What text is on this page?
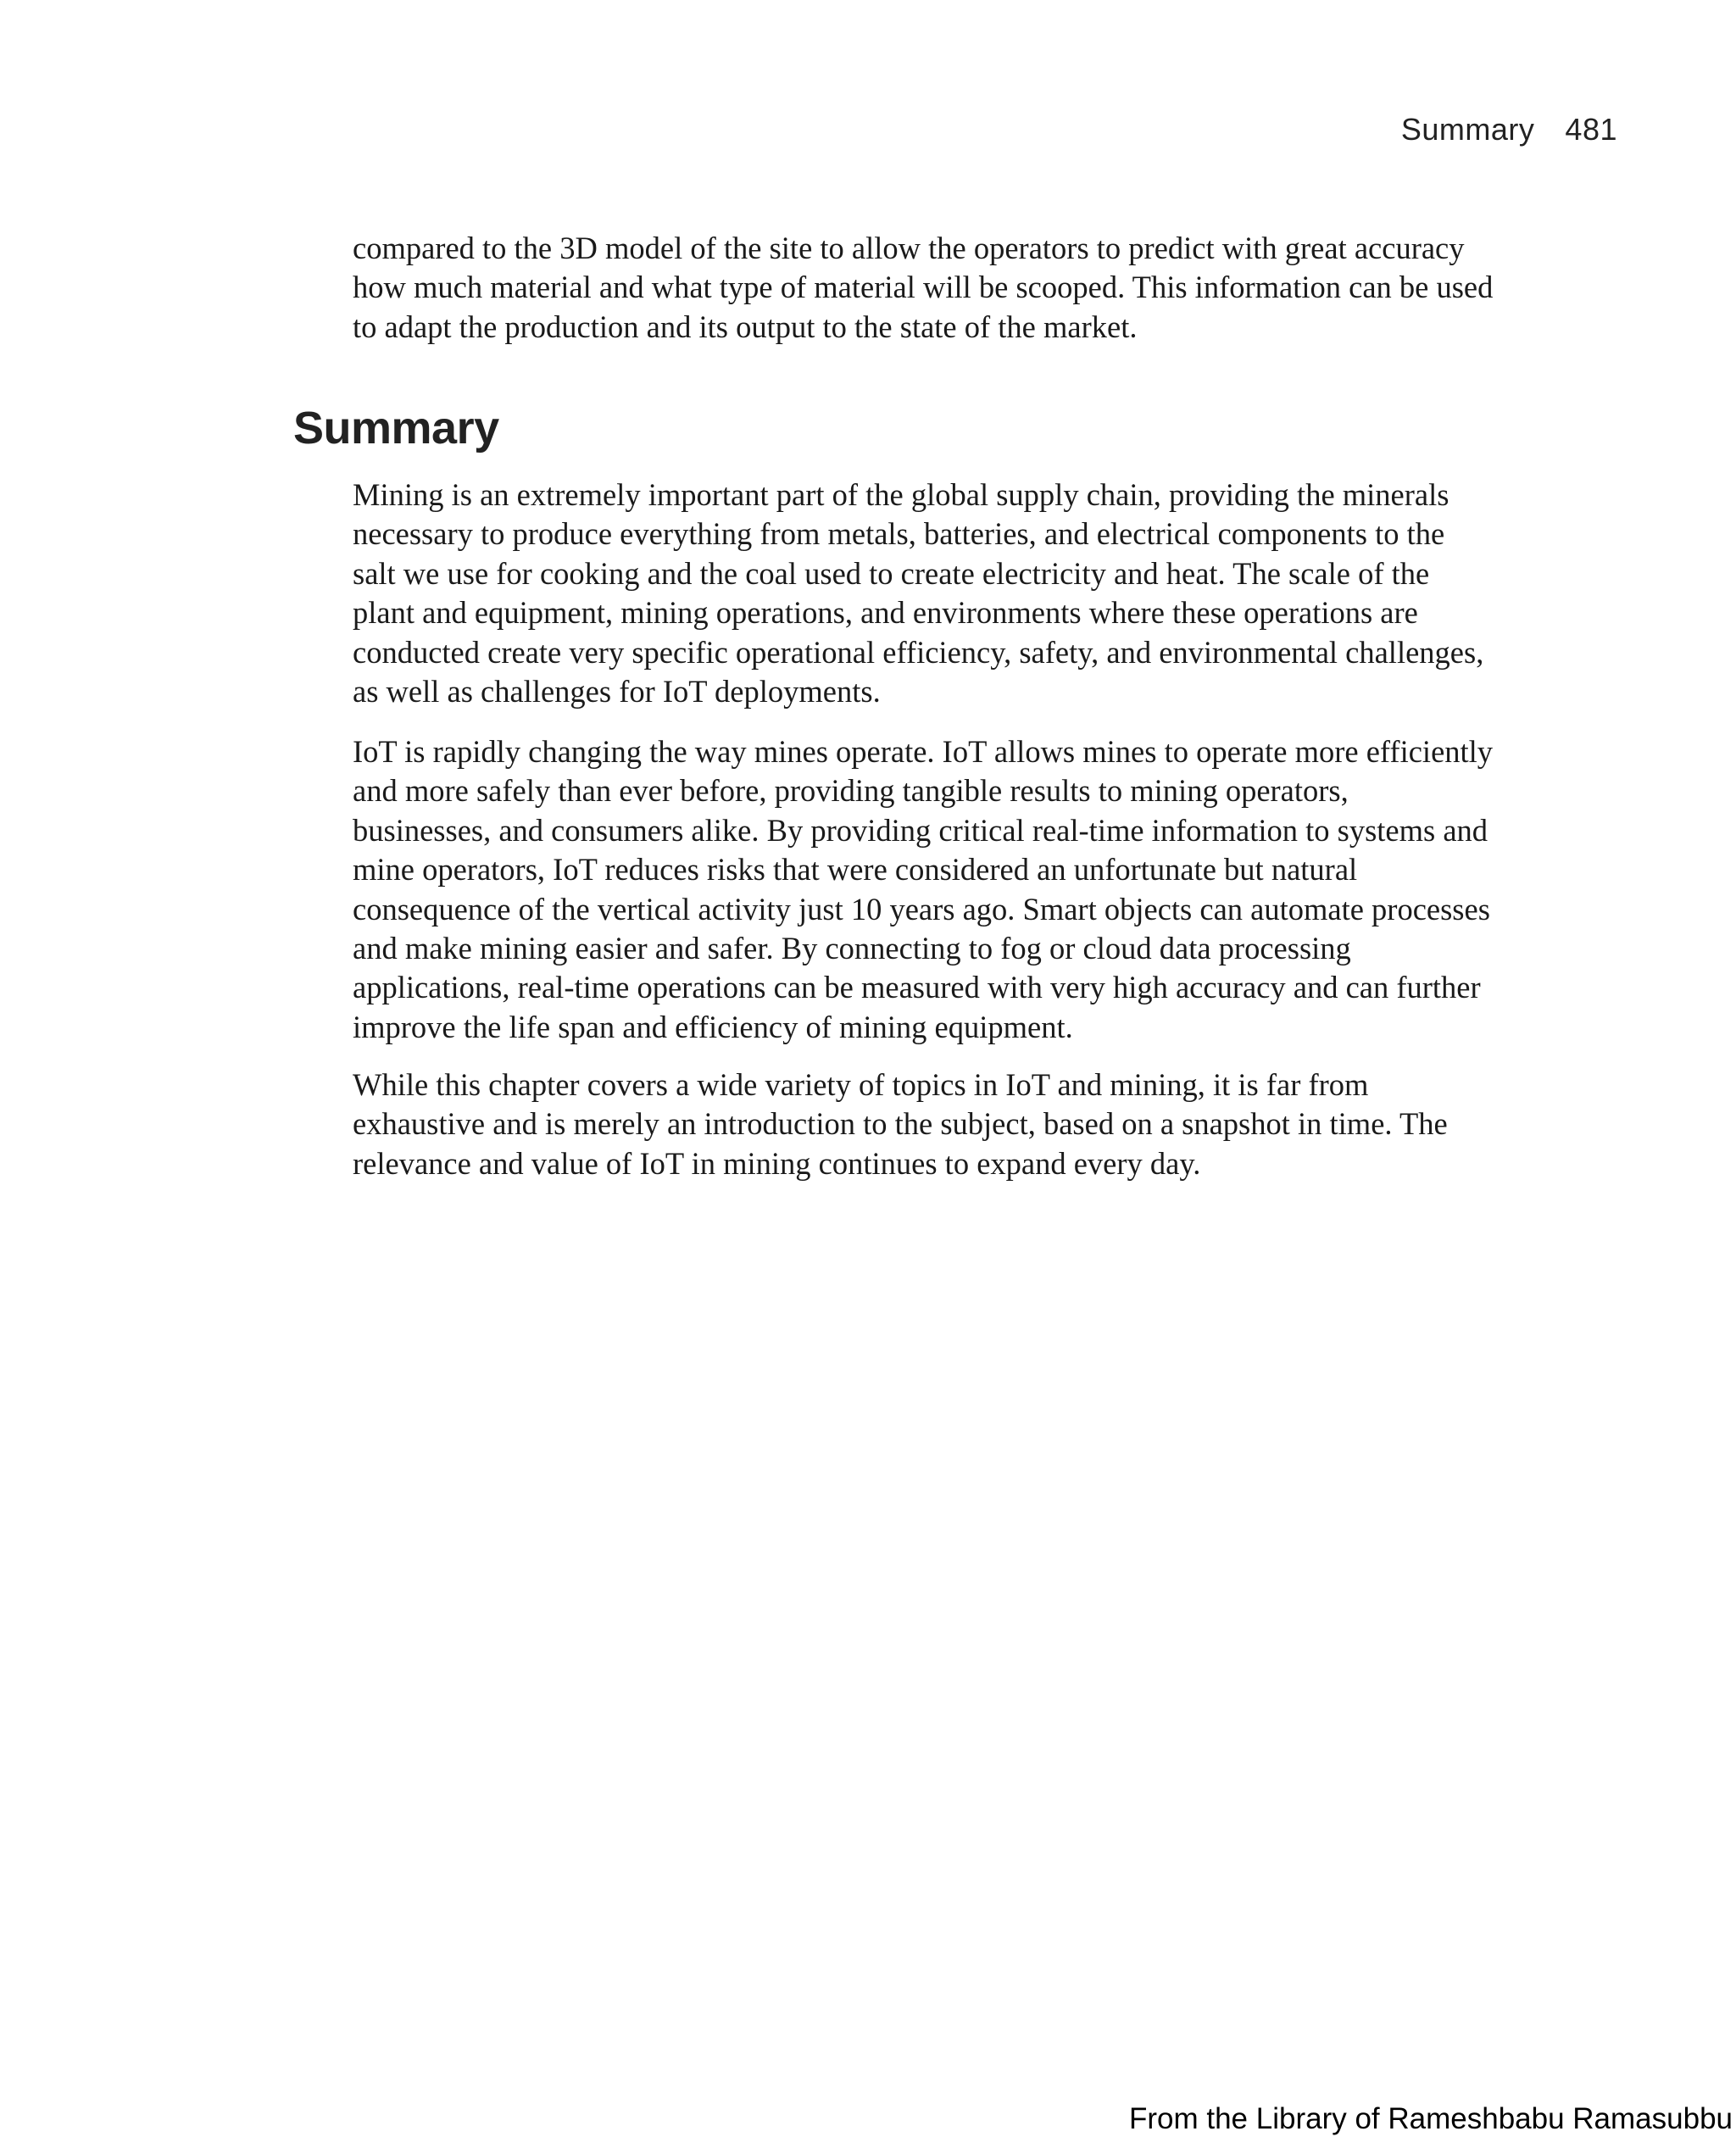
Summary 481

compared to the 3D model of the site to allow the operators to predict with great accuracy how much material and what type of material will be scooped. This information can be used to adapt the production and its output to the state of the market.

Summary

Mining is an extremely important part of the global supply chain, providing the minerals necessary to produce everything from metals, batteries, and electrical components to the salt we use for cooking and the coal used to create electricity and heat. The scale of the plant and equipment, mining operations, and environments where these operations are conducted create very specific operational efficiency, safety, and environmental challenges, as well as challenges for IoT deployments.

IoT is rapidly changing the way mines operate. IoT allows mines to operate more efficiently and more safely than ever before, providing tangible results to mining operators, businesses, and consumers alike. By providing critical real-time information to systems and mine operators, IoT reduces risks that were considered an unfortunate but natural consequence of the vertical activity just 10 years ago. Smart objects can automate processes and make mining easier and safer. By connecting to fog or cloud data processing applications, real-time operations can be measured with very high accuracy and can further improve the life span and efficiency of mining equipment.

While this chapter covers a wide variety of topics in IoT and mining, it is far from exhaustive and is merely an introduction to the subject, based on a snapshot in time. The relevance and value of IoT in mining continues to expand every day.

From the Library of Rameshbabu Ramasubbu
